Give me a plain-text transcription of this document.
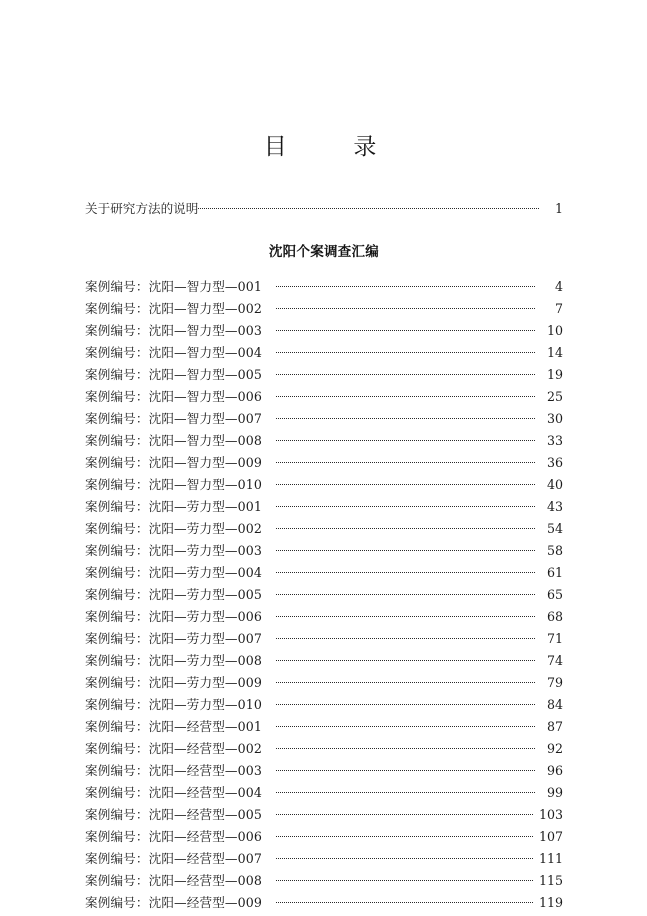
目　　录
关于研究方法的说明	1
沈阳个案调查汇编
案例编号：沈阳—智力型—001	4
案例编号：沈阳—智力型—002	7
案例编号：沈阳—智力型—003	10
案例编号：沈阳—智力型—004	14
案例编号：沈阳—智力型—005	19
案例编号：沈阳—智力型—006	25
案例编号：沈阳—智力型—007	30
案例编号：沈阳—智力型—008	33
案例编号：沈阳—智力型—009	36
案例编号：沈阳—智力型—010	40
案例编号：沈阳—劳力型—001	43
案例编号：沈阳—劳力型—002	54
案例编号：沈阳—劳力型—003	58
案例编号：沈阳—劳力型—004	61
案例编号：沈阳—劳力型—005	65
案例编号：沈阳—劳力型—006	68
案例编号：沈阳—劳力型—007	71
案例编号：沈阳—劳力型—008	74
案例编号：沈阳—劳力型—009	79
案例编号：沈阳—劳力型—010	84
案例编号：沈阳—经营型—001	87
案例编号：沈阳—经营型—002	92
案例编号：沈阳—经营型—003	96
案例编号：沈阳—经营型—004	99
案例编号：沈阳—经营型—005	103
案例编号：沈阳—经营型—006	107
案例编号：沈阳—经营型—007	111
案例编号：沈阳—经营型—008	115
案例编号：沈阳—经营型—009	119
